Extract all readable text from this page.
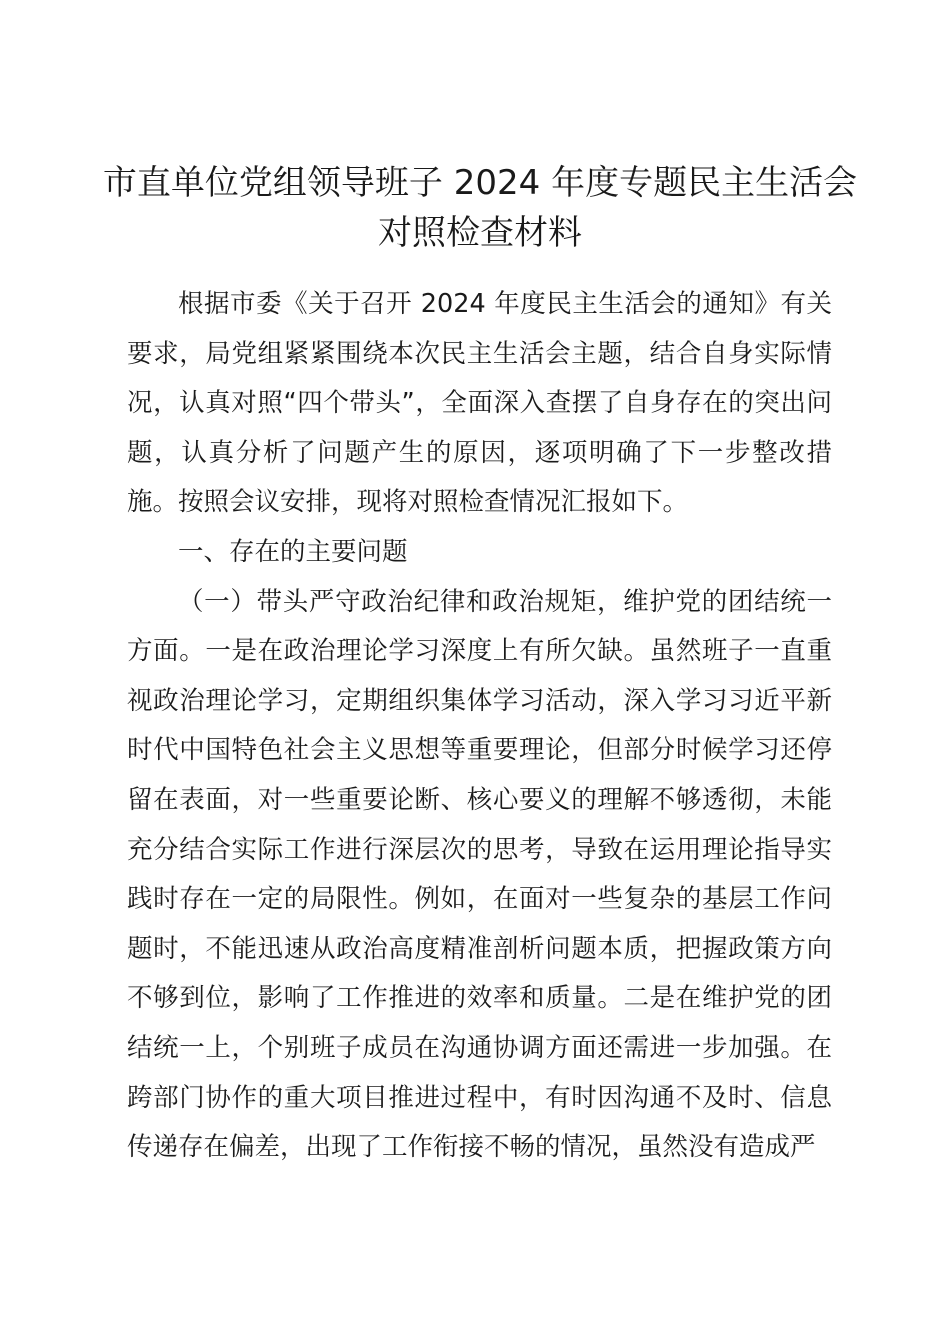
市直单位党组领导班子 2024 年度专题民主生活会对照检查材料

根据市委《关于召开 2024 年度民主生活会的通知》有关要求，局党组紧紧围绕本次民主生活会主题，结合自身实际情况，认真对照“四个带头”，全面深入查摆了自身存在的突出问题，认真分析了问题产生的原因，逐项明确了下一步整改措施。按照会议安排，现将对照检查情况汇报如下。

一、存在的主要问题

（一）带头严守政治纪律和政治规矩，维护党的团结统一方面。一是在政治理论学习深度上有所欠缺。虽然班子一直重视政治理论学习，定期组织集体学习活动，深入学习习近平新时代中国特色社会主义思想等重要理论，但部分时候学习还停留在表面，对一些重要论断、核心要义的理解不够透彻，未能充分结合实际工作进行深层次的思考，导致在运用理论指导实践时存在一定的局限性。例如，在面对一些复杂的基层工作问题时，不能迅速从政治高度精准剖析问题本质，把握政策方向不够到位，影响了工作推进的效率和质量。二是在维护党的团结统一上，个别班子成员在沟通协调方面还需进一步加强。在跨部门协作的重大项目推进过程中，有时因沟通不及时、信息传递存在偏差，出现了工作衔接不畅的情况，虽然没有造成严
